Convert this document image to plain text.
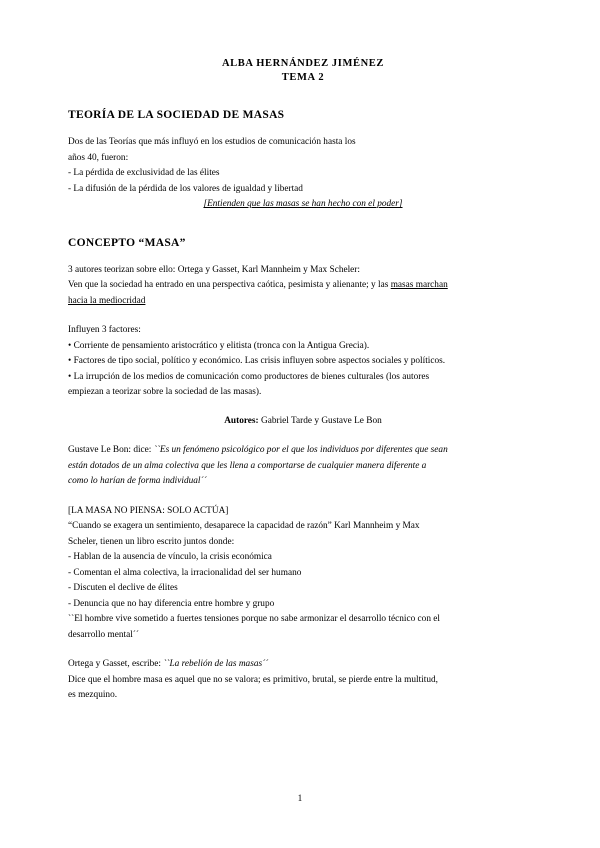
ALBA HERNÁNDEZ JIMÉNEZ
TEMA 2
TEORÍA DE LA SOCIEDAD DE MASAS

Dos de las Teorías que más influyó en los estudios de comunicación hasta los

años 40, fueron:

- La pérdida de exclusividad de las élites

- La difusión de la pérdida de los valores de igualdad y libertad

[Entienden que las masas se han hecho con el poder]
CONCEPTO “MASA”

3 autores teorizan sobre ello: Ortega y Gasset, Karl Mannheim y Max Scheler:

Ven que la sociedad ha entrado en una perspectiva caótica, pesimista y alienante; y las masas marchan

hacia la mediocridad

Influyen 3 factores:

• Corriente de pensamiento aristocrático y elitista (tronca con la Antigua Grecia).

• Factores de tipo social, político y económico. Las crisis influyen sobre aspectos sociales y políticos.

• La irrupción de los medios de comunicación como productores de bienes culturales (los autores

empiezan a teorizar sobre la sociedad de las masas).

Autores: Gabriel Tarde y Gustave Le Bon

Gustave Le Bon: dice: ``Es un fenómeno psicológico por el que los individuos por diferentes que sean

están dotados de un alma colectiva que les llena a comportarse de cualquier manera diferente a

como lo harían de forma individual´´

[LA MASA NO PIENSA: SOLO ACTÚA]

“Cuando se exagera un sentimiento, desaparece la capacidad de razón” Karl Mannheim y Max

Scheler, tienen un libro escrito juntos donde:

- Hablan de la ausencia de vínculo, la crisis económica

- Comentan el alma colectiva, la irracionalidad del ser humano

- Discuten el declive de élites

- Denuncia que no hay diferencia entre hombre y grupo

``El hombre vive sometido a fuertes tensiones porque no sabe armonizar el desarrollo técnico con el

desarrollo mental´´

Ortega y Gasset, escribe: ``La rebelión de las masas´´

Dice que el hombre masa es aquel que no se valora; es primitivo, brutal, se pierde entre la multitud,

es mezquino.

1
